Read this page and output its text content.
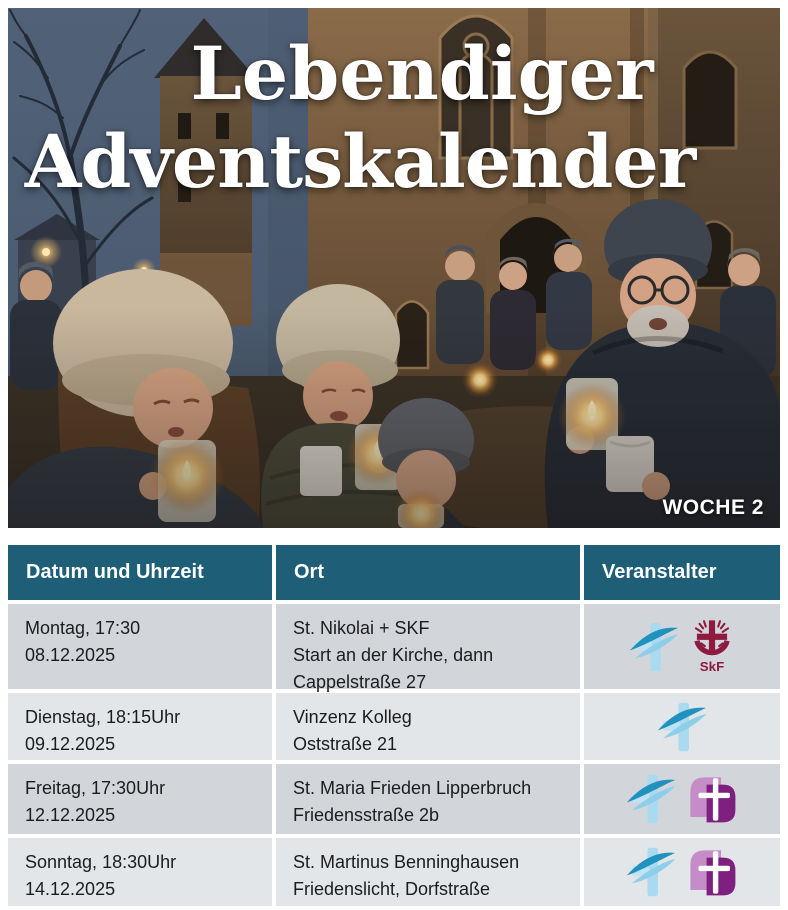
Lebendiger
Adventskalender
WOCHE 2
Datum und Uhrzeit	Ort	Veranstalter
Montag, 17:30
08.12.2025
St. Nikolai + SKF
Start an der Kirche, dann
Cappelstraße 27
SkF
Dienstag, 18:15Uhr
09.12.2025
Vinzenz Kolleg
Oststraße 21
Freitag, 17:30Uhr
12.12.2025
St. Maria Frieden Lipperbruch
Friedensstraße 2b
Sonntag, 18:30Uhr
14.12.2025
St. Martinus Benninghausen
Friedenslicht, Dorfstraße
